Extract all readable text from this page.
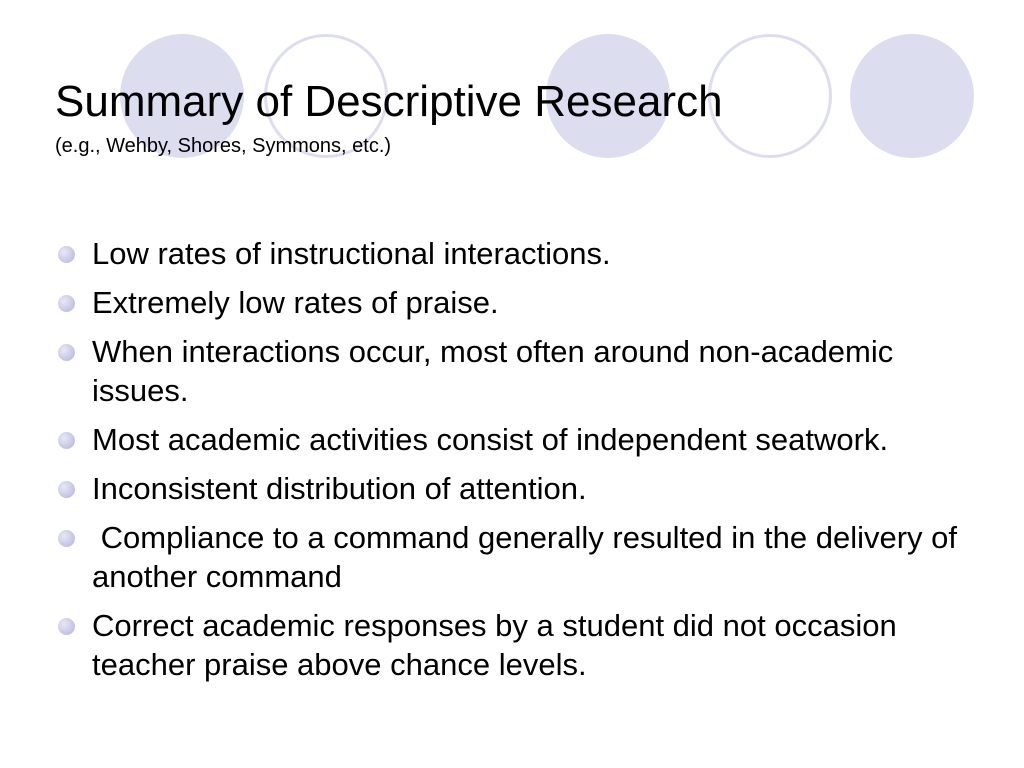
Summary of Descriptive Research
(e.g., Wehby, Shores, Symmons, etc.)
Low rates of instructional interactions.
Extremely low rates of praise.
When interactions occur, most often around non-academic issues.
Most academic activities consist of independent seatwork.
Inconsistent distribution of attention.
Compliance to a command generally resulted in the delivery of another command
Correct academic responses by a student did not occasion teacher praise above chance levels.
